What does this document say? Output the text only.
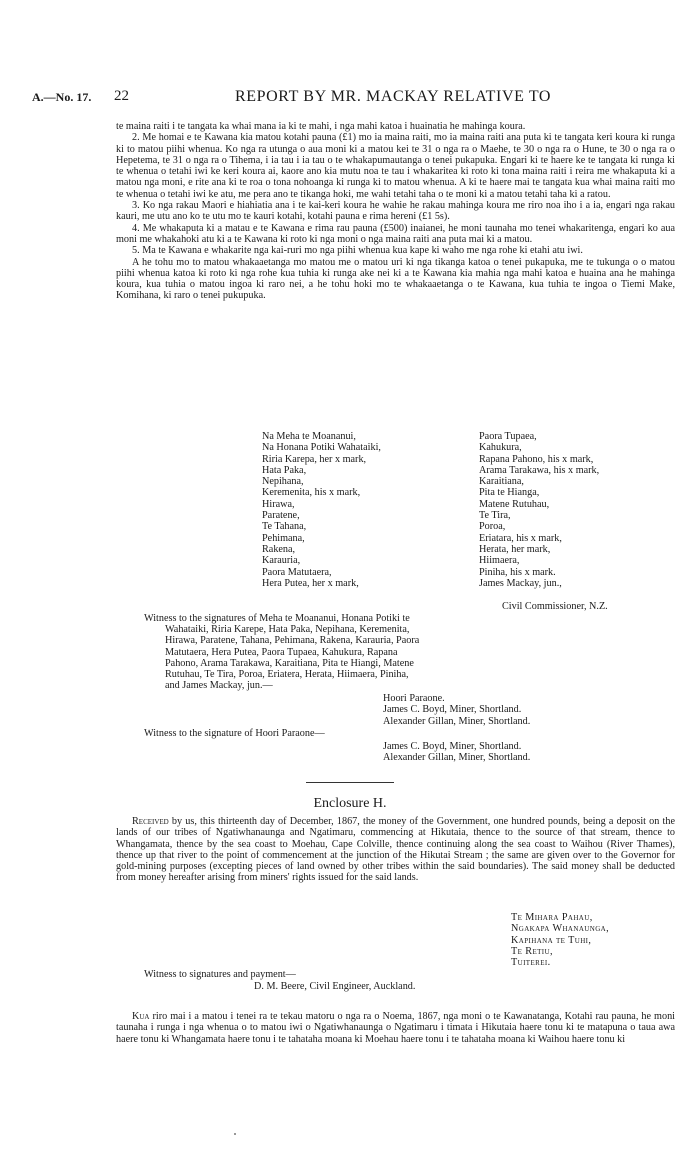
A.—No. 17. 22	REPORT BY MR. MACKAY RELATIVE TO

te maina raiti i te tangata ka whai mana ia ki te mahi, i nga mahi katoa i huainatia he mahinga koura.

2. Me homai e te Kawana kia matou kotahi pauna (£1) mo ia maina raiti, mo ia maina raiti ana puta ki te tangata keri koura ki runga ki to matou piihi whenua. Ko nga ra utunga o aua moni ki a matou kei te 31 o nga ra o Maehe, te 30 o nga ra o Hune, te 30 o nga ra o Hepetema, te 31 o nga ra o Tihema, i ia tau i ia tau o te whakapumautanga o tenei pukapuka. Engari ki te haere ke te tangata ki runga ki te whenua o tetahi iwi ke keri koura ai, kaore ano kia mutu noa te tau i whakaritea ki roto ki tona maina raiti i reira me whakaputa ki a matou nga moni, e rite ana ki te roa o tona nohoanga ki runga ki to matou whenua. A ki te haere mai te tangata kua whai maina raiti mo te whenua o tetahi iwi ke atu, me pera ano te tikanga hoki, me wahi tetahi taha o te moni ki a matou tetahi taha ki a ratou.

3. Ko nga rakau Maori e hiahiatia ana i te kai-keri koura he wahie he rakau mahinga koura me riro noa iho i a ia, engari nga rakau kauri, me utu ano ko te utu mo te kauri kotahi, kotahi pauna e rima hereni (£1 5s).

4. Me whakaputa ki a matau e te Kawana e rima rau pauna (£500) inaianei, he moni taunaha mo tenei whakaritenga, engari ko aua moni me whakahoki atu ki a te Kawana ki roto ki nga moni o nga maina raiti ana puta mai ki a matou.

5. Ma te Kawana e whakarite nga kai-ruri mo nga piihi whenua kua kape ki waho me nga rohe ki etahi atu iwi.

A he tohu mo to matou whakaaetanga mo matou me o matou uri ki nga tikanga katoa o tenei pukapuka, me te tukunga o o matou piihi whenua katoa ki roto ki nga rohe kua tuhia ki runga ake nei ki a te Kawana kia mahia nga mahi katoa e huaina ana he mahinga koura, kua tuhia o matou ingoa ki raro nei, a he tohu hoki mo te whakaaetanga o te Kawana, kua tuhia te ingoa o Tiemi Make, Komihana, ki raro o tenei pukupuka.

Na Meha te Moananui,
Na Honana Potiki Wahataiki,
Riria Karepa, her x mark,
Hata Paka,
Nepihana,
Keremenita, his x mark,
Hirawa,
Paratene,
Te Tahana,
Pehimana,
Rakena,
Karauria,
Paora Matutaera,
Hera Putea, her x mark,
Paora Tupaea,
Kahukura,
Rapana Pahono, his x mark,
Arama Tarakawa, his x mark,
Karaitiana,
Pita te Hianga,
Matene Rutuhau,
Te Tira,
Poroa,
Eriatara, his x mark,
Herata, her mark,
Hiimaera,
Piniha, his x mark.
James Mackay, jun.,
Civil Commissioner, N.Z.
Witness to the signatures of Meha te Moananui, Honana Potiki te
Wahataiki, Riria Karepe, Hata Paka, Nepihana, Keremenita,
Hirawa, Paratene, Tahana, Pehimana, Rakena, Karauria, Paora
Matutaera, Hera Putea, Paora Tupaea, Kahukura, Rapana
Pahono, Arama Tarakawa, Karaitiana, Pita te Hiangi, Matene
Rutuhau, Te Tira, Poroa, Eriatera, Herata, Hiimaera, Piniha,
and James Mackay, jun.—
Hoori Paraone.
James C. Boyd, Miner, Shortland.
Alexander Gillan, Miner, Shortland.
Witness to the signature of Hoori Paraone—
James C. Boyd, Miner, Shortland.
Alexander Gillan, Miner, Shortland.
Enclosure H.

Received by us, this thirteenth day of December, 1867, the money of the Government, one hundred pounds, being a deposit on the lands of our tribes of Ngatiwhanaunga and Ngatimaru, commencing at Hikutaia, thence to the source of that stream, thence to Whangamata, thence by the sea coast to Moehau, Cape Colville, thence continuing along the sea coast to Waihou (River Thames), thence up that river to the point of commencement at the junction of the Hikutai Stream ; the same are given over to the Governor for gold-mining purposes (excepting pieces of land owned by other tribes within the said boundaries). The said money shall be deducted from money hereafter arising from miners' rights issued for the said lands.

Te Mihara Pahau,
Ngakapa Whanaunga,
Kapihana te Tuhi,
Te Retiu,
Tuiterei.
Witness to signatures and payment—
D. M. Beere, Civil Engineer, Auckland.

Kua riro mai i a matou i tenei ra te tekau matoru o nga ra o Noema, 1867, nga moni o te Kawanatanga, Kotahi rau pauna, he moni taunaha i runga i nga whenua o to matou iwi o Ngatiwhanaunga o Ngatimaru i timata i Hikutaia haere tonu ki te matapuna o taua awa haere tonu ki Whangamata haere tonu i te tahataha moana ki Moehau haere tonu i te tahataha moana ki Waihou haere tonu ki
